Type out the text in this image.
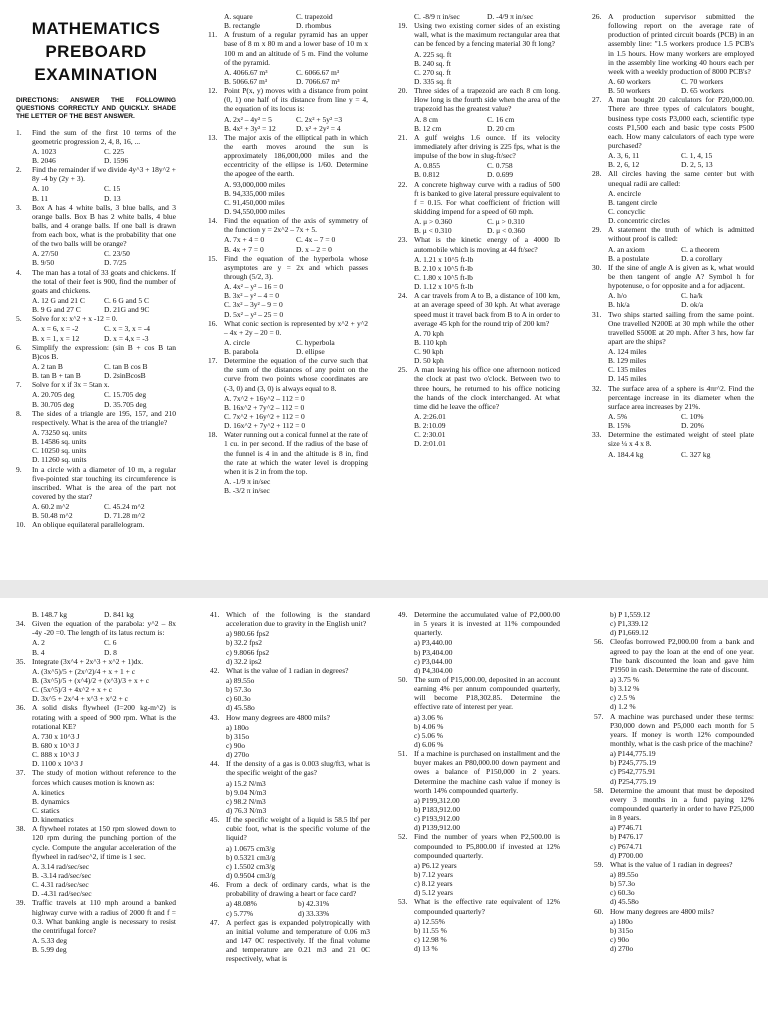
MATHEMATICS
PREBOARD
EXAMINATION
DIRECTIONS: ANSWER THE FOLLOWING QUESTIONS CORRECTLY AND QUICKLY. SHADE THE LETTER OF THE BEST ANSWER.
1.	Find the sum of the first 10 terms of the geometric progression 2, 4, 8, 16, ...
A. 1023	C. 225
B. 2046	D. 1596
2.	Find the remainder if we divide 4y^3 + 18y^2 + 8y -4 by (2y + 3).
A. 10	C. 15
B. 11	D. 13
3.	Box A has 4 white balls, 3 blue balls, and 3 orange balls. Box B has 2 white balls, 4 blue balls, and 4 orange balls. If one ball is drawn from each box, what is the probability that one of the two balls will be orange?
A. 27/50	C. 23/50
B. 9/50	D. 7/25
4.	The man has a total of 33 goats and chickens. If the total of their feet is 900, find the number of goats and chickens.
A. 12 G and 21 C	C. 6 G and 5 C
B. 9 G and 27 C	D. 21G and 9C
5.	Solve for x: x^2 + x -12 = 0.
A. x = 6, x = -2	C. x = 3, x = -4
B. x = 1, x = 12	D. x = 4,x = -3
6.	Simplify the expression: (sin B + cos B tan B)cos B.
A. 2 tan B	C. tan B cos B
B. tan B + tan B	D. 2sinBcosB
7.	Solve for x if 3x = 5tan x.
A. 20.705 deg	C. 15.705 deg
B. 30.705 deg	D. 35.705 deg
8.	The sides of a triangle are 195, 157, and 210 respectively. What is the area of the triangle?
A. 73250 sq. units
B. 14586 sq. units
C. 10250 sq. units
D. 11260 sq. units
9.	In a circle with a diameter of 10 m, a regular five-pointed star touching its circumference is inscribed. What is the area of the part not covered by the star?
A. 60.2 m^2	C. 45.24 m^2
B. 50.48 m^2	D. 71.28 m^2
10. An oblique equilateral parallelogram.
A. square	C. trapezoid
B. rectangle	D. rhombus
11. A frustum of a regular pyramid has an upper base of 8 m x 80 m and a lower base of 10 m x 100 m and an altitude of 5 m. Find the volume of the pyramid.
A. 4066.67 m³	C. 6066.67 m³
B. 5066.67 m³	D. 7066.67 m³
12. Point P(x, y) moves with a distance from point (0, 1) one half of its distance from line y = 4, the equation of its locus is:
A. 2x² – 4y² = 5	C. 2x² + 5y² =3
B. 4x² + 3y² = 12	D. x² + 2y² = 4
13. The major axis of the elliptical path in which the earth moves around the sun is approximately 186,000,000 miles and the eccentricity of the ellipse is 1/60. Determine the apogee of the earth.
A. 93,000,000 miles
B. 94,335,000 miles
C. 91,450,000 miles
D. 94,550,000 miles
14. Find the equation of the axis of symmetry of the function y = 2x^2 – 7x + 5.
A. 7x + 4 = 0	C. 4x – 7 = 0
B. 4x + 7 = 0	D. x – 2 = 0
15. Find the equation of the hyperbola whose asymptotes are y = 2x and which passes through (5/2, 3).
A. 4x² – y² – 16 = 0
B. 3x² – y² – 4 = 0
C. 3x² – 3y² – 9 = 0
D. 5x² – y² – 25 = 0
16. What conic section is represented by x^2 + y^2 – 4x + 2y – 20 = 0.
A. circle	C. hyperbola
B. parabola	D. ellipse
17. Determine the equation of the curve such that the sum of the distances of any point on the curve from two points whose coordinates are (-3, 0) and (3, 0) is always equal to 8.
A. 7x^2 + 16y^2 – 112 = 0
B. 16x^2 + 7y^2 – 112 = 0
C. 7x^2 + 16y^2 + 112 = 0
D. 16x^2 + 7y^2 + 112 = 0
18. Water running out a conical funnel at the rate of 1 cu. in per second. If the radius of the base of the funnel is 4 in and the altitude is 8 in, find the rate at which the water level is dropping when it is 2 in from the top.
A. -1/9 π in/sec
B. -3/2 π in/sec
C. -8/9 π in/sec	D. -4/9 π in/sec
19. Using two existing corner sides of an existing wall, what is the maximum rectangular area that can be fenced by a fencing material 30 ft long?
A. 225 sq. ft
B. 240 sq. ft
C. 270 sq. ft
D. 335 sq. ft
20. Three sides of a trapezoid are each 8 cm long. How long is the fourth side when the area of the trapezoid has the greatest value?
A. 8 cm	C. 16 cm
B. 12 cm	D. 20 cm
21. A gulf weighs 1.6 ounce. If its velocity immediately after driving is 225 fps, what is the impulse of the bow in slug-ft/sec?
A. 0.855	C. 0.758
B. 0.812	D. 0.699
22. A concrete highway curve with a radius of 500 ft is banked to give lateral pressure equivalent to f = 0.15. For what coefficient of friction will skidding impend for a speed of 60 mph.
A. μ > 0.360	C. μ > 0.310
B. μ < 0.310	D. μ < 0.360
23. What is the kinetic energy of a 4000 lb automobile which is moving at 44 ft/sec?
A. 1.21 x 10^5 ft-lb
B. 2.10 x 10^5 ft-lb
C. 1.80 x 10^5 ft-lb
D. 1.12 x 10^5 ft-lb
24. A car travels from A to B, a distance of 100 km, at an average speed of 30 kph. At what average speed must it travel back from B to A in order to average 45 kph for the round trip of 200 km?
A. 70 kph
B. 110 kph
C. 90 kph
D. 50 kph
25. A man leaving his office one afternoon noticed the clock at past two o'clock. Between two to three hours, he returned to his office noticing the hands of the clock interchanged. At what time did he leave the office?
A. 2:26.01
B. 2:10.09
C. 2:30.01
D. 2:01.01
26. A production supervisor submitted the following report on the average rate of production of printed circuit boards (PCB) in an assembly line: "1.5 workers produce 1.5 PCB's in 1.5 hours. How many workers are employed in the assembly line working 40 hours each per week with a weekly production of 8000 PCB's?
A. 60 workers	C. 70 workers
B. 50 workers	D. 65 workers
27. A man bought 20 calculators for P20,000.00. There are three types of calculators bought, business type costs P3,000 each, scientific type costs P1,500 each and basic type costs P500 each. How many calculators of each type were purchased?
A. 3, 6, 11	C. 1, 4, 15
B. 2, 6, 12	D. 2, 5, 13
28. All circles having the same center but with unequal radii are called:
A. encircle
B. tangent circle
C. concyclic
D. concentric circles
29. A statement the truth of which is admitted without proof is called:
A. an axiom	C. a theorem
B. a postulate	D. a corollary
30. If the sine of angle A is given as k, what would be then tangent of angle A? Symbol h for hypotenuse, o for opposite and a for adjacent.
A. h/o	C. ha/k
B. hk/a	D. ok/a
31. Two ships started sailing from the same point. One travelled N200E at 30 mph while the other travelled S500E at 20 mph. After 3 hrs, how far apart are the ships?
A. 124 miles
B. 129 miles
C. 135 miles
D. 145 miles
32. The surface area of a sphere is 4πr^2. Find the percentage increase in its diameter when the surface area increases by 21%.
A. 5%	C. 10%
B. 15%	D. 20%
33. Determine the estimated weight of steel plate size ¼ x 4 x 8.
A. 184.4 kg	C. 327 kg
B. 148.7 kg	D. 841 kg
34. Given the equation of the parabola: y^2 – 8x -4y -20 =0. The length of its latus rectum is:
A. 2	C. 6
B. 4	D. 8
35. Integrate (3x^4 + 2x^3 + x^2 + 1)dx.
A. (3x^5)/5 + (2x^2)/4 + x + 1 + c
B. (3x^5)/5 + (x^4)/2 + (x^3)/3 + x + c
C. (5x^5)/3 + 4x^2 + x + c
D. 3x^5 + 2x^4 + x^3 + x^2 + c
36. A solid disks flywheel (I=200 kg-m^2) is rotating with a speed of 900 rpm. What is the rotational KE?
A. 730 x 10^3 J
B. 680 x 10^3 J
C. 888 x 10^3 J
D. 1100 x 10^3 J
37. The study of motion without reference to the forces which causes motion is known as:
A. kinetics
B. dynamics
C. statics
D. kinematics
38. A flywheel rotates at 150 rpm slowed down to 120 rpm during the punching portion of the cycle. Compute the angular acceleration of the flywheel in rad/sec^2, if time is 1 sec.
A. 3.14 rad/sec/sec
B. -3.14 rad/sec/sec
C. 4.31 rad/sec/sec
D. -4.31 rad/sec/sec
39. Traffic travels at 110 mph around a banked highway curve with a radius of 2000 ft and f = 0.3. What banking angle is necessary to resist the centrifugal force?
A. 5.33 deg
B. 5.99 deg
41. Which of the following is the standard acceleration due to gravity in the English unit?
a) 980.66 fps2
b) 32.2 fps2
c) 9.8066 fps2
d) 32.2 ips2
42. What is the value of 1 radian in degrees?
a) 89.55o
b) 57.3o
c) 60.3o
d) 45.58o
43. How many degrees are 4800 mils?
a) 180o
b) 315o
c) 90o
d) 270o
44. If the density of a gas is 0.003 slug/ft3, what is the specific weight of the gas?
a) 15.2 N/m3
b) 9.04 N/m3
c) 98.2 N/m3
d) 76.3 N/m3
45. If the specific weight of a liquid is 58.5 lbf per cubic foot, what is the specific volume of the liquid?
a) 1.0675 cm3/g
b) 0.5321 cm3/g
c) 1.5502 cm3/g
d) 0.9504 cm3/g
46. From a deck of ordinary cards, what is the probability of drawing a heart or face card?
a) 48.08%	b) 42.31%
c) 5.77%	d) 33.33%
47. A perfect gas is expanded polytropically with an initial volume and temperature of 0.06 m3 and 147 0C respectively. If the final volume and temperature are 0.21 m3 and 21 0C respectively, what is
49. Determine the accumulated value of P2,000.00 in 5 years it is invested at 11% compounded quarterly.
a) P3,440.00
b) P3,404.00
c) P3,044.00
d) P4,304.00
50. The sum of P15,000.00, deposited in an account earning 4% per annum compounded quarterly, will become P18,302.85. Determine the effective rate of interest per year.
a) 3.06 %
b) 4.06 %
c) 5.06 %
d) 6.06 %
51. If a machine is purchased on installment and the buyer makes an P80,000.00 down payment and owes a balance of P150,000 in 2 years. Determine the machine cash value if money is worth 14% compounded quarterly.
a) P199,312.00
b) P183,912.00
c) P193,912.00
d) P139,912.00
52. Find the number of years when P2,500.00 is compounded to P5,800.00 if invested at 12% compounded quarterly.
a) P6.12 years
b) 7.12 years
c) 8.12 years
d) 5.12 years
53. What is the effective rate equivalent of 12% compounded quarterly?
a) 12.55%
b) 11.55 %
c) 12.98 %
d) 13 %
b) P 1,559.12
c) P1,339.12
d) P1,669.12
56. Cleofas borrowed P2,000.00 from a bank and agreed to pay the loan at the end of one year. The bank discounted the loan and gave him P1950 in cash. Determine the rate of discount.
a) 3.75 %
b) 3.12 %
c) 2.5 %
d) 1.2 %
57. A machine was purchased under these terms: P30,000 down and P5,000 each month for 5 years. If money is worth 12% compounded monthly, what is the cash price of the machine?
a) P144,775.19
b) P245,775.19
c) P542,775.91
d) P254,775.19
58. Determine the amount that must be deposited every 3 months in a fund paying 12% compounded quarterly in order to have P25,000 in 8 years.
a) P746.71
b) P476.17
c) P674.71
d) P700.00
59. What is the value of 1 radian in degrees?
a) 89.55o
b) 57.3o
c) 60.3o
d) 45.58o
60. How many degrees are 4800 mils?
a) 180o
b) 315o
c) 90o
d) 270o
